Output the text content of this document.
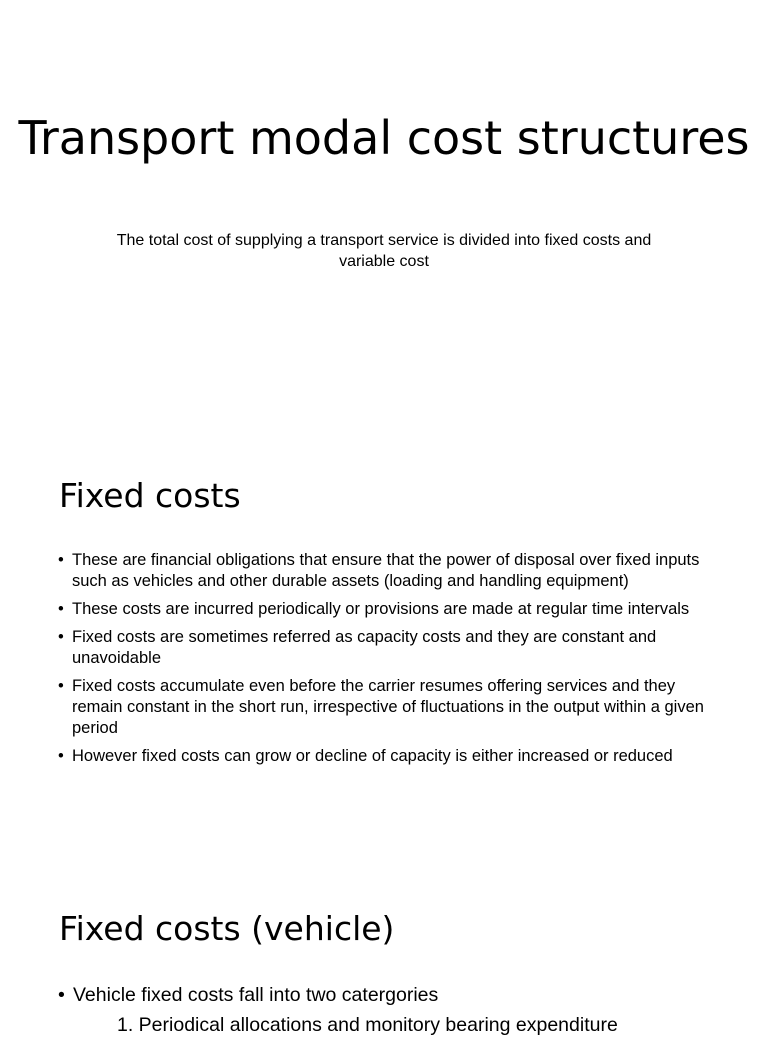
Transport modal cost structures
The total cost of supplying a transport service is divided into fixed costs and variable cost
Fixed costs
• These are financial obligations that ensure that the power of disposal over fixed inputs such as vehicles and other durable assets (loading and handling equipment)
• These costs are incurred periodically or provisions are made at regular time intervals
• Fixed costs are sometimes referred as capacity costs and they are constant and unavoidable
• Fixed costs accumulate even before the carrier resumes offering services and they remain constant in the short run, irrespective of fluctuations in the output within a given period
• However fixed costs can grow or decline of capacity is either increased or reduced
Fixed costs (vehicle)
• Vehicle fixed costs fall into two catergories
1. Periodical allocations and monitory bearing expenditure
